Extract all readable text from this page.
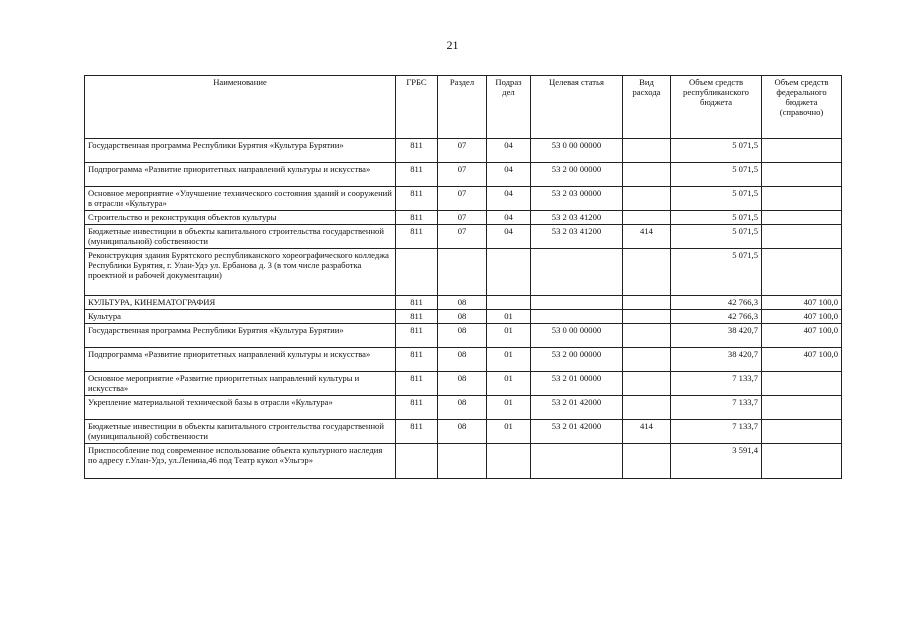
21
Наименование	ГРБС	Раздел	Подраз дел	Целевая статья	Вид расхода	Объем средств республиканского бюджета	Объем средств федерального бюджета (справочно)
Государственная программа Республики Бурятия «Культура Бурятии»	811	07	04	53 0 00 00000		5 071,5	
Подпрограмма «Развитие приоритетных направлений культуры и искусства»	811	07	04	53 2 00 00000		5 071,5	
Основное мероприятие «Улучшение технического состояния зданий и сооружений в отрасли «Культура»	811	07	04	53 2 03 00000		5 071,5	
Строительство и реконструкция объектов культуры	811	07	04	53 2 03 41200		5 071,5	
Бюджетные инвестиции в объекты капитального строительства государственной (муниципальной) собственности	811	07	04	53 2 03 41200	414	5 071,5	
Реконструкция здания Бурятского республиканского хореографического колледжа Республики Бурятия, г. Улан-Удэ ул. Ербанова д. 3 (в том числе разработка проектной и рабочей документации)						5 071,5	
КУЛЬТУРА, КИНЕМАТОГРАФИЯ	811	08				42 766,3	407 100,0
Культура	811	08	01			42 766,3	407 100,0
Государственная программа Республики Бурятия «Культура Бурятии»	811	08	01	53 0 00 00000		38 420,7	407 100,0
Подпрограмма «Развитие приоритетных направлений культуры и искусства»	811	08	01	53 2 00 00000		38 420,7	407 100,0
Основное мероприятие «Развитие приоритетных направлений культуры и искусства»	811	08	01	53 2 01 00000		7 133,7	
Укрепление материальной технической базы в отрасли «Культура»	811	08	01	53 2 01 42000		7 133,7	
Бюджетные инвестиции в объекты капитального строительства государственной (муниципальной) собственности	811	08	01	53 2 01 42000	414	7 133,7	
Приспособление под современное использование объекта культурного наследия по адресу г.Улан-Удэ, ул.Ленина,46 под Театр кукол «Ульгэр»						3 591,4	
